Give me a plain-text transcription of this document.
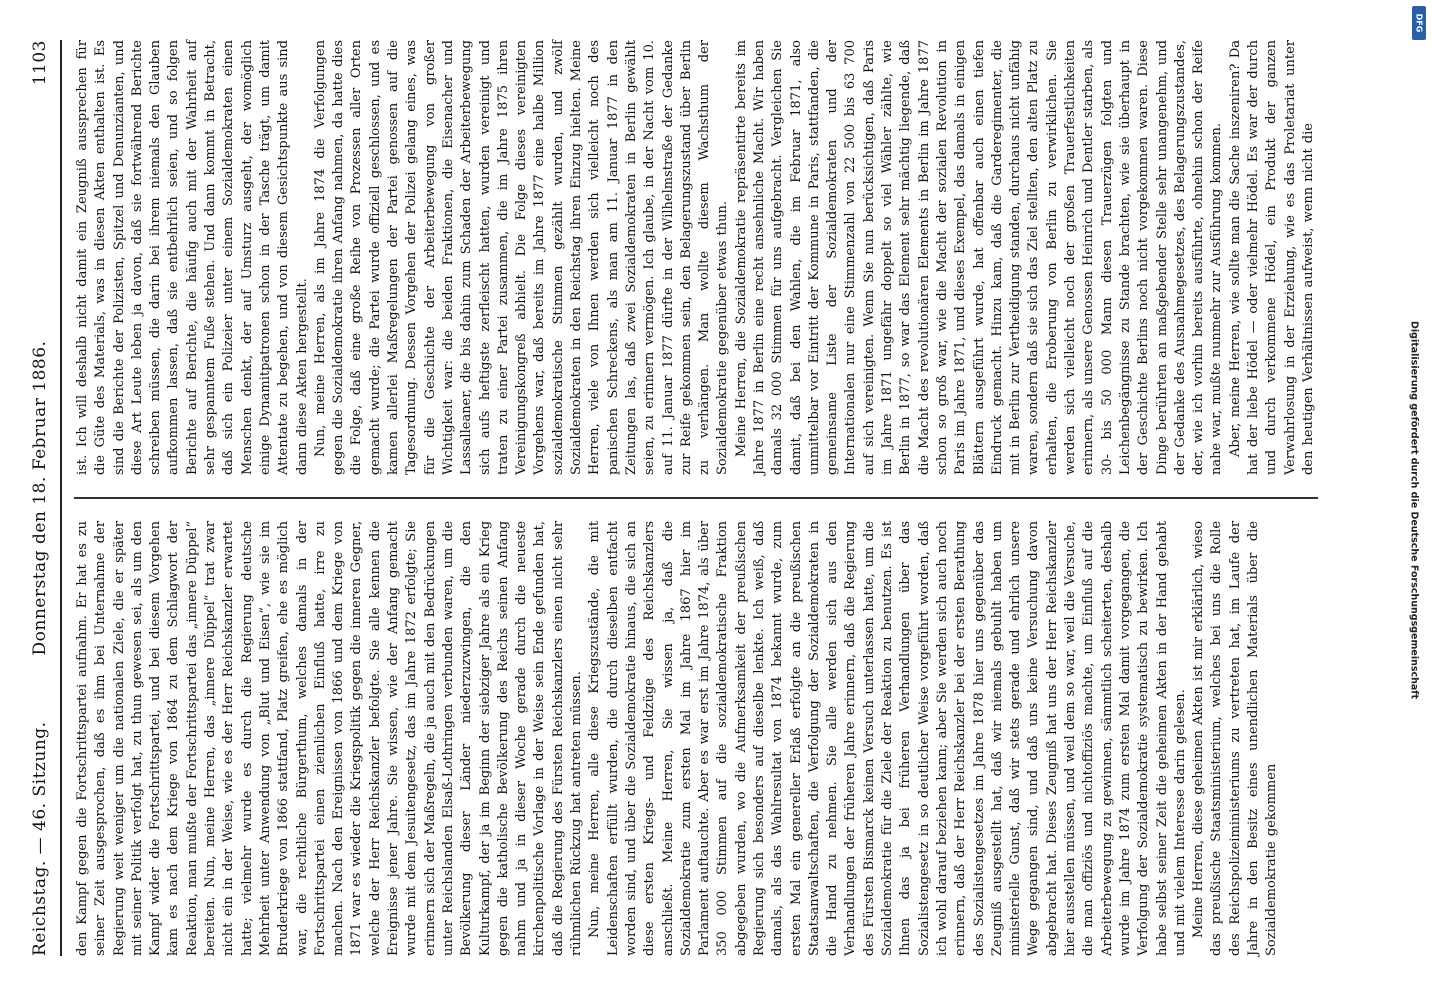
Reichstag. — 46. Sitzung.
Donnerstag den 18. Februar 1886.
1103

den Kampf gegen die Fortschrittspartei aufnahm. Er hat es zu seiner Zeit ausgesprochen, daß es ihm bei Unternahme der Regierung weit weniger um die nationalen Ziele, die er später mit seiner Politik verfolgt hat, zu thun gewesen sei, als um den Kampf wider die Fortschrittspartei, und bei diesem Vorgehen kam es nach dem Kriege von 1864 zu dem Schlagwort der Reaktion, man mußte der Fortschrittspartei das „innere Düppel“ bereiten. Nun, meine Herren, das „innere Düppel“ trat zwar nicht ein in der Weise, wie es der Herr Reichskanzler erwartet hatte; vielmehr wurde es durch die Regierung deutsche Mehrheit unter Anwendung von „Blut und Eisen“, wie sie im Bruderkriege von 1866 stattfand, Platz greifen, ehe es möglich war, die rechtliche Bürgerthum, welches damals in der Fortschrittspartei einen ziemlichen Einfluß hatte, irre zu machen. Nach den Ereignissen von 1866 und dem Kriege von 1871 war es wieder die Kriegspolitik gegen die inneren Gegner, welche der Herr Reichskanzler befolgte. Sie alle kennen die Ereignisse jener Jahre. Sie wissen, wie der Anfang gemacht wurde mit dem Jesuitengesetz, das im Jahre 1872 erfolgte; Sie erinnern sich der Maßregeln, die ja auch mit den Bedrückungen unter Reichslanden Elsaß-Lothringen verbunden waren, um die Bevölkerung dieser Länder niederzuzwingen, die den Kulturkampf, der ja im Beginn der siebziger Jahre als ein Krieg gegen die katholische Bevölkerung des Reichs seinen Anfang nahm und ja in dieser Woche gerade durch die neueste kirchenpolitische Vorlage in der Weise sein Ende gefunden hat, daß die Regierung des Fürsten Reichskanzlers einen nicht sehr rühmlichen Rückzug hat antreten müssen. Nun, meine Herren, alle diese Kriegszustände, die mit Leidenschaften erfüllt wurden, die durch dieselben entfacht worden sind, und über die Sozialdemokratie hinaus, die sich an diese ersten Kriegs- und Feldzüge des Reichskanzlers anschließt. Meine Herren, Sie wissen ja, daß die Sozialdemokratie zum ersten Mal im Jahre 1867 hier im Parlament auftauchte. Aber es war erst im Jahre 1874, als über 350 000 Stimmen auf die sozialdemokratische Fraktion abgegeben wurden, wo die Aufmerksamkeit der preußischen Regierung sich besonders auf dieselbe lenkte. Ich weiß, daß damals, als das Wahlresultat von 1874 bekannt wurde, zum ersten Mal ein genereller Erlaß erfolgte an die preußischen Staatsanwaltschaften, die Verfolgung der Sozialdemokraten in die Hand zu nehmen. Sie alle werden sich aus den Verhandlungen der früheren Jahre erinnern, daß die Regierung des Fürsten Bismarck keinen Versuch unterlassen hatte, um die Sozialdemokratie für die Ziele der Reaktion zu benutzen. Es ist Ihnen das ja bei früheren Verhandlungen über das Sozialistengesetz in so deutlicher Weise vorgeführt worden, daß ich wohl darauf beziehen kann; aber Sie werden sich auch noch erinnern, daß der Herr Reichskanzler bei der ersten Berathung des Sozialistengesetzes im Jahre 1878 hier uns gegenüber das Zeugniß ausgestellt hat, daß wir niemals gebuhlt haben um ministerielle Gunst, daß wir stets gerade und ehrlich unsere Wege gegangen sind, und daß uns keine Versuchung davon abgebracht hat. Dieses Zeugniß hat uns der Herr Reichskanzler hier ausstellen müssen, und weil dem so war, weil die Versuche, die man offiziös und nichtoffiziös machte, um Einfluß auf die Arbeiterbewegung zu gewinnen, sämmtlich scheiterten, deshalb wurde im Jahre 1874 zum ersten Mal damit vorgegangen, die Verfolgung der Sozialdemokratie systematisch zu bewirken. Ich habe selbst seiner Zeit die geheimen Akten in der Hand gehabt und mit vielem Interesse darin gelesen. Meine Herren, diese geheimen Akten ist mir erklärlich, wieso das preußische Staatsministerium, welches bei uns die Rolle des Reichspolizeiministeriums zu vertreten hat, im Laufe der Jahre in den Besitz eines unendlichen Materials über die Sozialdemokratie gekommen

ist. Ich will deshalb nicht damit ein Zeugniß aussprechen für die Güte des Materials, was in diesen Akten enthalten ist. Es sind die Berichte der Polizisten, Spitzel und Denunzianten, und diese Art Leute leben ja davon, daß sie fortwährend Berichte schreiben müssen, die darin bei ihrem niemals den Glauben aufkommen lassen, daß sie entbehrlich seien, und so folgen Berichte auf Berichte, die häufig auch mit der Wahrheit auf sehr gespanntem Fuße stehen. Und dann kommt in Betracht, daß sich ein Polizeier unter einem Sozialdemokraten einen Menschen denkt, der auf Umsturz ausgeht, der womöglich einige Dynamitpatronen schon in der Tasche trägt, um damit Attentate zu begehen, und von diesem Gesichtspunkte aus sind dann diese Akten hergestellt. Nun, meine Herren, als im Jahre 1874 die Verfolgungen gegen die Sozialdemokratie ihren Anfang nahmen, da hatte dies die Folge, daß eine große Reihe von Prozessen aller Orten gemacht wurde; die Partei wurde offiziell geschlossen, und es kamen allerlei Maßregelungen der Partei genossen auf die Tagesordnung. Dessen Vorgehen der Polizei gelang eines, was für die Geschichte der Arbeiterbewegung von großer Wichtigkeit war: die beiden Fraktionen, die Eisenacher und Lassalleaner, die bis dahin zum Schaden der Arbeiterbewegung sich aufs heftigste zerfleischt hatten, wurden vereinigt und traten zu einer Partei zusammen, die im Jahre 1875 ihren Vereinigungskongreß abhielt. Die Folge dieses vereinigten Vorgehens war, daß bereits im Jahre 1877 eine halbe Million sozialdemokratische Stimmen gezählt wurden, und zwölf Sozialdemokraten in den Reichstag ihren Einzug hielten. Meine Herren, viele von Ihnen werden sich vielleicht noch des panischen Schreckens, als man am 11. Januar 1877 in den Zeitungen las, daß zwei Sozialdemokraten in Berlin gewählt seien, zu erinnern vermögen. Ich glaube, in der Nacht vom 10. auf 11. Januar 1877 dürfte in der Wilhelmstraße der Gedanke zur Reife gekommen sein, den Belagerungszustand über Berlin zu verhängen. Man wollte diesem Wachsthum der Sozialdemokratie gegenüber etwas thun. Meine Herren, die Sozialdemokratie repräsentirte bereits im Jahre 1877 in Berlin eine recht ansehnliche Macht. Wir haben damals 32 000 Stimmen für uns aufgebracht. Vergleichen Sie damit, daß bei den Wahlen, die im Februar 1871, also unmittelbar vor Eintritt der Kommune in Paris, stattfanden, die gemeinsame Liste der Sozialdemokraten und der Internationalen nur eine Stimmenzahl von 22 500 bis 63 700 auf sich vereinigten. Wenn Sie nun berücksichtigen, daß Paris im Jahre 1871 ungefähr doppelt so viel Wähler zählte, wie Berlin in 1877, so war das Element sehr mächtig liegende, daß die Macht des revolutionären Elements in Berlin im Jahre 1877 schon so groß war, wie die Macht der sozialen Revolution in Paris im Jahre 1871, und dieses Exempel, das damals in einigen Blättern ausgeführt wurde, hat offenbar auch einen tiefen Eindruck gemacht. Hinzu kam, daß die Garderegimenter, die mit in Berlin zur Vertheidigung standen, durchaus nicht unfähig waren, sondern daß sie sich das Ziel stellten, den alten Platz zu erhalten, die Eroberung von Berlin zu verwirklichen. Sie werden sich vielleicht noch der großen Trauerfestlichkeiten erinnern, als unsere Genossen Heinrich und Dentler starben, als 30- bis 50 000 Mann diesen Trauerzügen folgten und Leichenbegängnisse zu Stande brachten, wie sie überhaupt in der Geschichte Berlins noch nicht vorgekommen waren. Diese Dinge berührten an maßgebender Stelle sehr unangenehm, und der Gedanke des Ausnahmegesetzes, des Belagerungszustandes, der, wie ich vorhin bereits ausführte, ohnehin schon der Reife nahe war, mußte nunmehr zur Ausführung kommen. Aber, meine Herren, wie sollte man die Sache inszeniren? Da hat der liebe Hödel — oder vielmehr Hödel. Es war der durch und durch verkommene Hödel, ein Produkt der ganzen Verwahrlosung in der Erziehung, wie es das Proletariat unter den heutigen Verhältnissen aufweist, wenn nicht die

Digitalisierung gefördert durch die Deutsche Forschungsgemeinschaft
DFG
